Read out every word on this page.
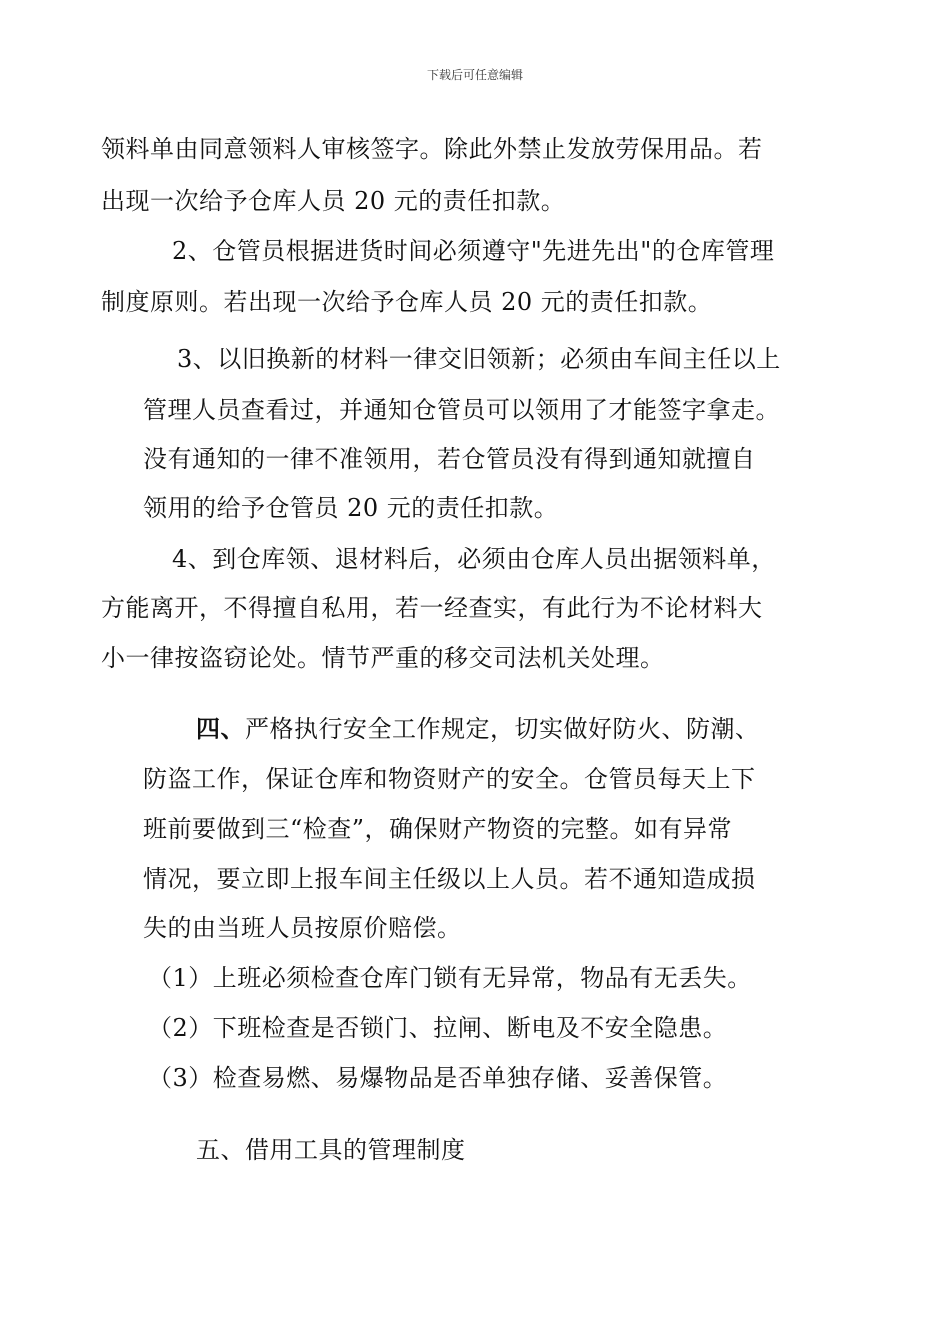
下载后可任意编辑
领料单由同意领料人审核签字。除此外禁止发放劳保用品。若
出现一次给予仓库人员 20 元的责任扣款。
2、仓管员根据进货时间必须遵守"先进先出"的仓库管理
制度原则。若出现一次给予仓库人员 20 元的责任扣款。
3、以旧换新的材料一律交旧领新；必须由车间主任以上
管理人员查看过，并通知仓管员可以领用了才能签字拿走。
没有通知的一律不准领用，若仓管员没有得到通知就擅自
领用的给予仓管员 20 元的责任扣款。
4、到仓库领、退材料后，必须由仓库人员出据领料单，
方能离开，不得擅自私用，若一经查实，有此行为不论材料大
小一律按盗窃论处。情节严重的移交司法机关处理。
四、严格执行安全工作规定，切实做好防火、防潮、
防盗工作，保证仓库和物资财产的安全。仓管员每天上下
班前要做到三“检查”，确保财产物资的完整。如有异常
情况，要立即上报车间主任级以上人员。若不通知造成损
失的由当班人员按原价赔偿。
（1）上班必须检查仓库门锁有无异常，物品有无丢失。
（2）下班检查是否锁门、拉闸、断电及不安全隐患。
（3）检查易燃、易爆物品是否单独存储、妥善保管。
五、借用工具的管理制度
